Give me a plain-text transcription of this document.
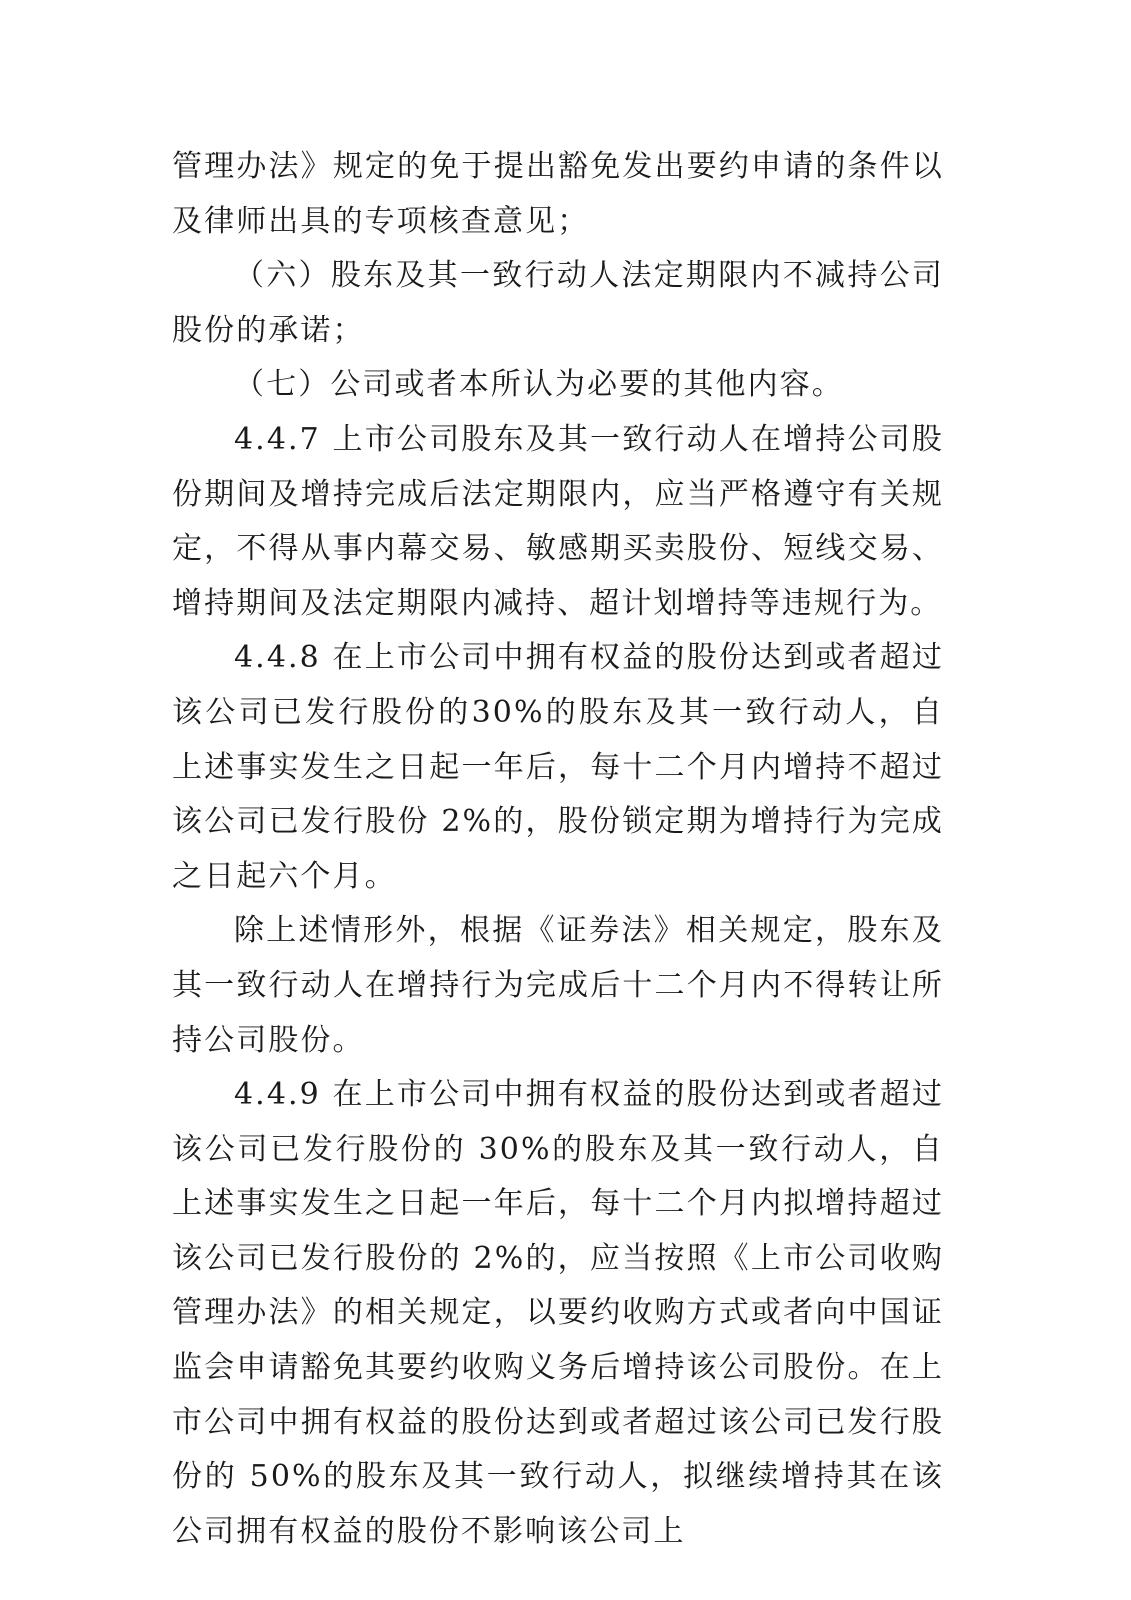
管理办法》规定的免于提出豁免发出要约申请的条件以及律师出具的专项核查意见；

（六）股东及其一致行动人法定期限内不减持公司股份的承诺；

（七）公司或者本所认为必要的其他内容。

4.4.7 上市公司股东及其一致行动人在增持公司股份期间及增持完成后法定期限内，应当严格遵守有关规定，不得从事内幕交易、敏感期买卖股份、短线交易、增持期间及法定期限内减持、超计划增持等违规行为。

4.4.8 在上市公司中拥有权益的股份达到或者超过该公司已发行股份的30%的股东及其一致行动人，自上述事实发生之日起一年后，每十二个月内增持不超过该公司已发行股份 2%的，股份锁定期为增持行为完成之日起六个月。

除上述情形外，根据《证券法》相关规定，股东及其一致行动人在增持行为完成后十二个月内不得转让所持公司股份。

4.4.9 在上市公司中拥有权益的股份达到或者超过该公司已发行股份的 30%的股东及其一致行动人，自上述事实发生之日起一年后，每十二个月内拟增持超过该公司已发行股份的 2%的，应当按照《上市公司收购管理办法》的相关规定，以要约收购方式或者向中国证监会申请豁免其要约收购义务后增持该公司股份。在上市公司中拥有权益的股份达到或者超过该公司已发行股份的 50%的股东及其一致行动人，拟继续增持其在该公司拥有权益的股份不影响该公司上
